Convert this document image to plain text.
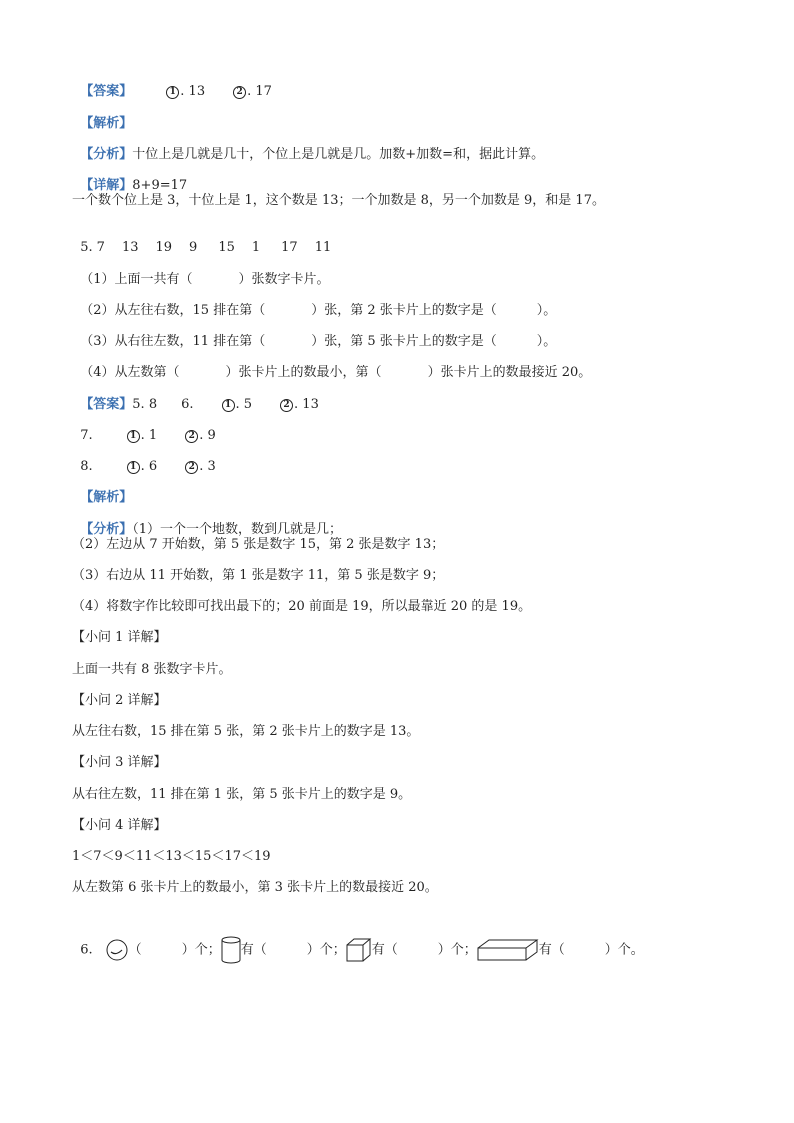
【答案】	1 . 13	2 . 17

【解析】

【分析】十位上是几就是几十，个位上是几就是几。加数+加数=和，据此计算。

【详解】8+9=17

一个数个位上是 3，十位上是 1，这个数是 13；一个加数是 8，另一个加数是 9，和是 17。

5. 7 13 19 9 15 1 17 11

（1）上面一共有（	）张数字卡片。

（2）从左往右数，15 排在第（	）张，第 2 张卡片上的数字是（	）。

（3）从右往左数，11 排在第（	）张，第 5 张卡片上的数字是（	）。

（4）从左数第（	）张卡片上的数最小，第（	）张卡片上的数最接近 20。

【答案】5. 8 6.	1 . 5	2 . 13

7.	1 . 1	2 . 9

8.	1 . 6	2 . 3

【解析】

【分析】（1）一个一个地数，数到几就是几；

（2）左边从 7 开始数，第 5 张是数字 15，第 2 张是数字 13；
（3）右边从 11 开始数，第 1 张是数字 11，第 5 张是数字 9；
（4）将数字作比较即可找出最下的；20 前面是 19，所以最靠近 20 的是 19。
【小问 1 详解】
上面一共有 8 张数字卡片。
【小问 2 详解】
从左往右数，15 排在第 5 张，第 2 张卡片上的数字是 13。
【小问 3 详解】
从右往左数，11 排在第 1 张，第 5 张卡片上的数字是 9。
【小问 4 详解】
1＜7＜9＜11＜13＜15＜17＜19
从左数第 6 张卡片上的数最小，第 3 张卡片上的数最接近 20。

6.	（	）个； 有（	）个； 有（	）个；	有（	）个。
